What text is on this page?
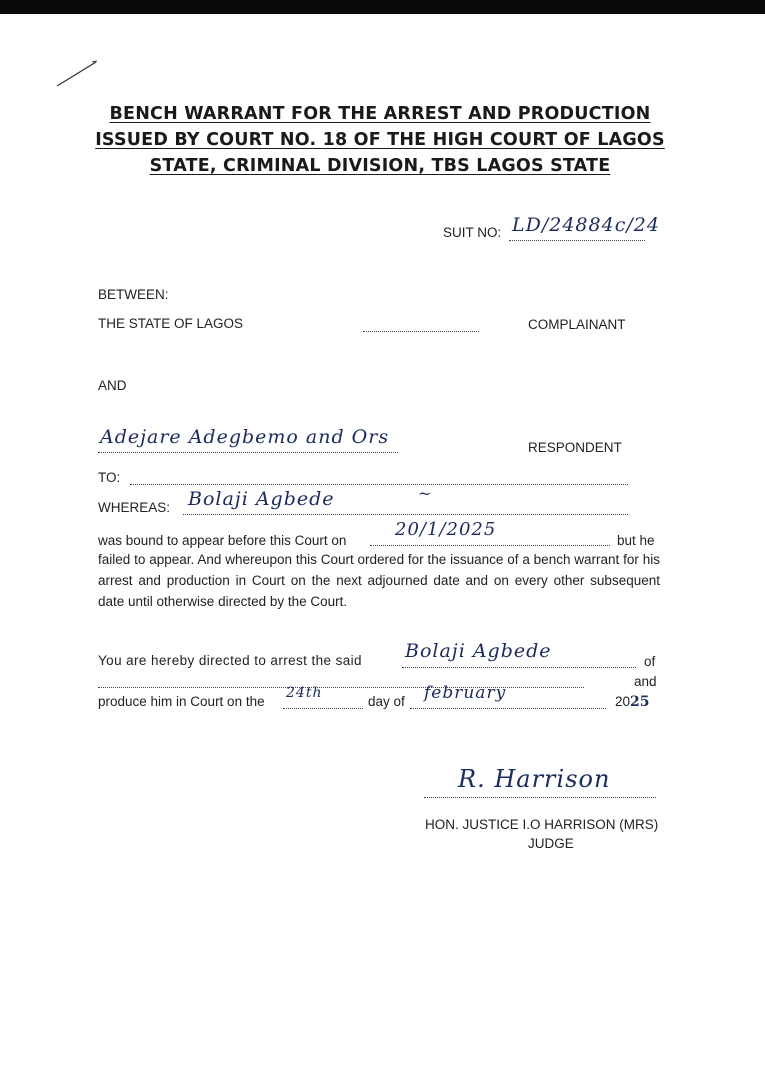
BENCH WARRANT FOR THE ARREST AND PRODUCTION
ISSUED BY COURT NO. 18 OF THE HIGH COURT OF LAGOS
STATE, CRIMINAL DIVISION, TBS LAGOS STATE
SUIT NO: LD/24884c/24
BETWEEN:
THE STATE OF LAGOS	COMPLAINANT
AND
Adejare Adegbemo and Ors	RESPONDENT
TO:
WHEREAS: Bolaji Agbede	~
was bound to appear before this Court on
20/1/2025
but he
failed to appear. And whereupon this Court ordered for the issuance of a bench warrant for his arrest and production in Court on the next adjourned date and on every other subsequent date until otherwise directed by the Court.
You are hereby directed to arrest the said Bolaji Agbede	of
and
produce him in Court on the
24th
day of february	2025
R. Harrison
HON. JUSTICE I.O HARRISON (MRS)
JUDGE
